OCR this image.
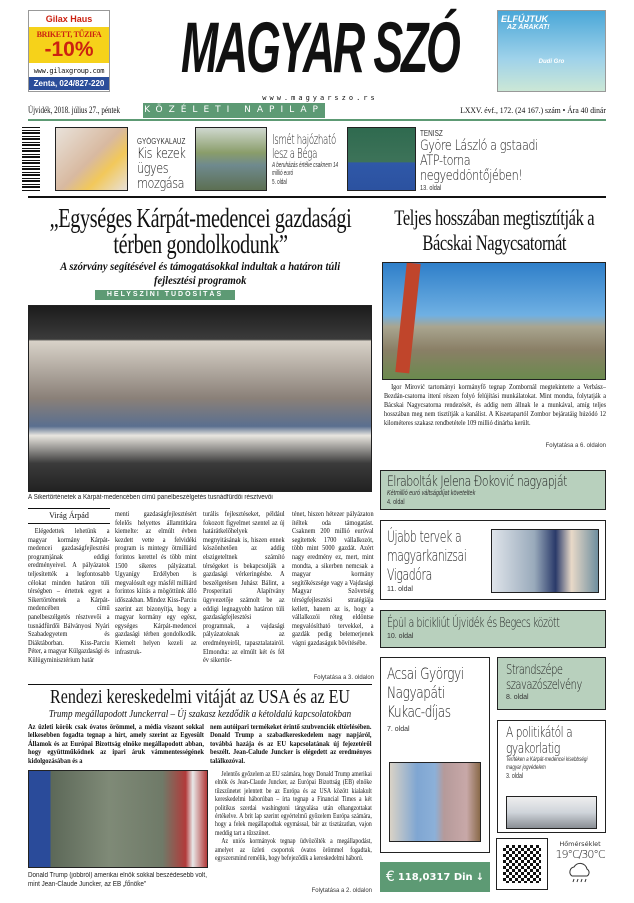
Gilax Haus
BRIKETT, TŰZIFA
-10%
www.gilaxgroup.com
Zenta, 024/827-220 MAGYAR SZÓ	ELFÚJTUK
AZ ÁRAKAT!
Dudi Gro
www.magyarszo.rs
Újvidék, 2018. július 27., péntek	KÖZÉLETI NAPILAP	LXXV. évf., 172. (24 167.) szám • Ára 40 dinár
GYÓGYKALAUZ
Kis kezek ügyes mozgása
Ismét hajózható lesz a Béga
A beruházás értéke csaknem 14 millió euró
5. oldal
TENISZ
Györe László a gstaadi ATP-torna negyeddöntőjében!
13. oldal
„Egységes Kárpát-medencei gazdasági térben gondolkodunk”
A szórvány segítésével és támogatásokkal indultak a határon túli fejlesztési programok
HELYSZÍNI TUDÓSÍTÁS
A Sikertörténetek a Kárpát-medencében című panelbeszélgetés tusnádfürdői résztvevői
Virág Árpád

Elégedettek lehetünk a magyar kormány Kárpát-medencei gazdaságfejlesztési programjának eddigi eredményeivel. A pályázatok teljesítették a legfontosabb célokat minden határon túli térségben – értettek egyet a Sikertörténetek a Kárpát-medencében című panelbeszélgetés résztvevői a tusnádfürdői Bálványosi Nyári Szabadegyetem és Diáktáborban. Kiss-Parciu Péter, a magyar Külgazdasági és Külügyminisztérium határ

menti gazdaságfejlesztésért felelős helyettes államtitkára kiemelte: az elmúlt évben kezdett vette a felvidéki program is mintegy ötmilliárd forintos kerettel és több mint 1500 sikeres pályázattal. Ugyanígy Erdélyben is megvalósult egy másfél milliárd forintos kiírás a mögöttünk álló időszakban. Mindez Kiss-Parciu szerint azt bizonyítja, hogy a magyar kormány egy egész, egységes Kárpát-medencei gazdasági térben gondolkodik. Kiemelt helyen kezeli az infrastruk-

turális fejlesztéseket, például fokozott figyelmet szentel az új határátkelőhelyek megnyitásának is, hiszen ennek köszönhetően az addig elszigeteltnek számító térségeket is bekapcsolják a gazdasági vérkeringésbe. A beszélgetésen Juhász Bálint, a Prosperitati Alapítvány ügyvezetője számolt be az eddigi legnagyobb határon túli gazdaságfejlesztési programnak, a vajdasági pályázatoknak az eredményeiről, tapasztalatairól. Elmondta: az elmúlt két és fél év sikertör-

ténet, hiszen hétezer pályázaton ítéltek oda támogatást. Csaknem 200 millió euróval segítettek 1700 vállalkozót, több mint 5000 gazdát. Azért nagy eredmény ez, mert, mint mondta, a sikerben nemcsak a magyar kormány segítőkészsége vagy a Vajdasági Magyar Szövetség térségfejlesztési stratégiája kellett, hanem az is, hogy a vállalkozói réteg eldöntse megvalósítható tervekkel, a gazdák pedig belemerjenek vágni gazdaságuk bővítésébe.

Folytatása a 3. oldalon
Rendezi kereskedelmi vitáját az USA és az EU
Trump megállapodott Junckerral – Új szakasz kezdődik a kétoldalú kapcsolatokban
Az üzleti körök csak óvatos örömmel, a média viszont sokkal lelkesebben fogadta tegnap a hírt, amely szerint az Egyesült Államok és az Európai Bizottság elnöke megállapodott abban, hogy együttműködnek az ipari áruk vámmentességének kidolgozásában és a
nem autóipari termékeket érintő szubvenciók eltörlésében. Donald Trump a szabadkereskedelem nagy napjáról, továbbá hazája és az EU kapcsolatának új fejezetéről beszélt. Jean-Calude Juncker is elégedett az eredményes találkozóval.
Donald Trump (jobbról) amerikai elnök sokkal beszédesebb volt, mint Jean-Claude Juncker, az EB „főnöke”

Jelentős győzelem az EU számára, hogy Donald Trump amerikai elnök és Jean-Claude Juncker, az Európai Bizottság (EB) elnöke tűzszünetet jelentett be az Európa és az USA között kialakult kereskedelmi háborúban – írta tegnap a Financial Times a két politikus szerdai washingtoni tárgyalása után elhangzottakat értékelve. A brit lap szerint egyértelmű győzelem Európa számára, hogy a felek megállapodtak egymással, bár az tisztázatlan, vajon meddig tart a tűzszünet.

Az uniós kormányok tegnap üdvözölték a megállapodást, amelyet az üzleti csoportok óvatos örömmel fogadtak, egyszersmind remélik, hogy befejeződik a kereskedelmi háború.

Folytatása a 2. oldalon
Teljes hosszában megtisztítják a Bácskai Nagycsatornát
Igor Mirović tartományi kormányfő tegnap Zombornál megtekintette a Verbász–Bezdán-csatorna ittení részen folyó felújítási munkálatokat. Mint mondta, folytatják a Bácskai Nagycsatorna rendezését, és addig nem állnak le a munkával, amíg teljes hosszában meg nem tisztítják a kanálist. A Kiszetapartól Zombor bejáratáig húzódó 12 kilométeres szakasz rendbetétele 109 millió dinárba került.
Folytatása a 6. oldalon
Elrabolták Jelena Đoković nagyapját
Kétmillió euró váltságdíjat követeltek
4. oldal
Újabb tervek a magyarkanizsai Vigadóra
11. oldal
Épül a bicikliút Újvidék és Begecs között
10. oldal
Acsai Györgyi Nagyapáti Kukac-díjas
7. oldal
Strandszépe szavazószelvény
8. oldal
A politikától a gyakorlatig
Terítéken a Kárpát-medencei kisebbségi magyar jogvédelem
3. oldal
€ 118,0317 Din ↓
Hőmérséklet
19°C/30°C
